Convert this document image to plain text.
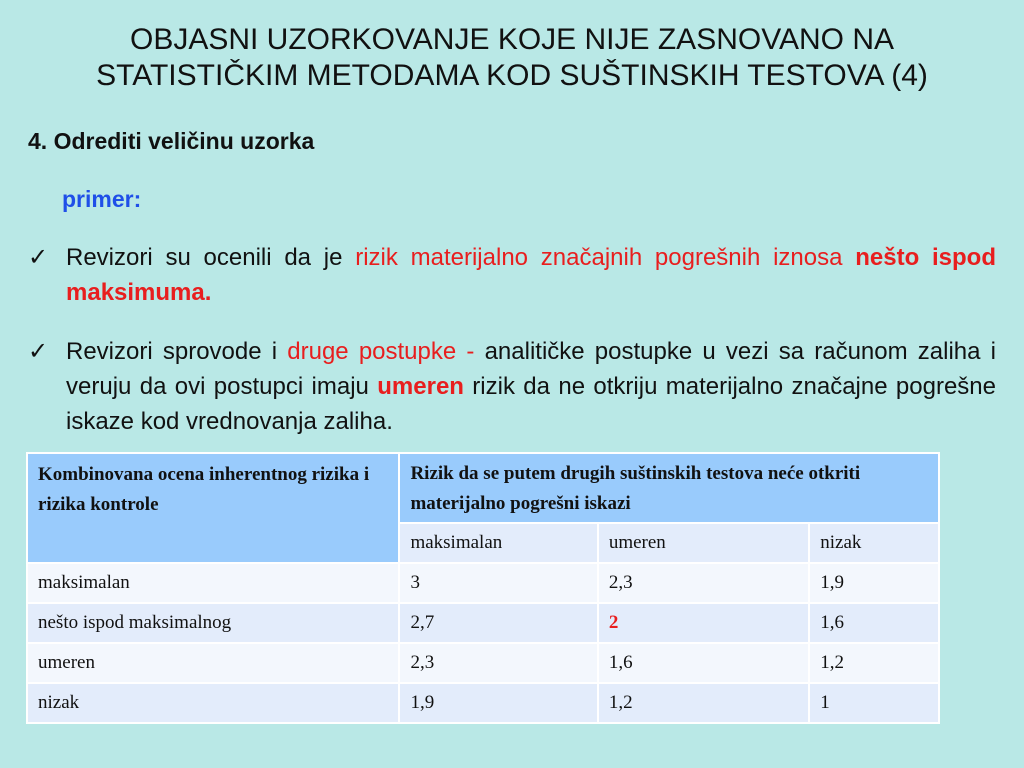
OBJASNI UZORKOVANJE KOJE NIJE ZASNOVANO NA
STATISTIČKIM METODAMA KOD SUŠTINSKIH TESTOVA (4)
4. Odrediti veličinu uzorka
primer:
✓ Revizori su ocenili da je rizik materijalno značajnih pogrešnih iznosa nešto ispod maksimuma.
✓ Revizori sprovode i druge postupke - analitičke postupke u vezi sa računom zaliha i veruju da ovi postupci imaju umeren rizik da ne otkriju materijalno značajne pogrešne iskaze kod vrednovanja zaliha.
Kombinovana ocena inherentnog rizika i rizika kontrole	Rizik da se putem drugih suštinskih testova neće otkriti materijalno pogrešni iskazi		
	maksimalan	umeren	nizak
maksimalan	3	2,3	1,9
nešto ispod maksimalnog	2,7	2	1,6
umeren	2,3	1,6	1,2
nizak	1,9	1,2	1
